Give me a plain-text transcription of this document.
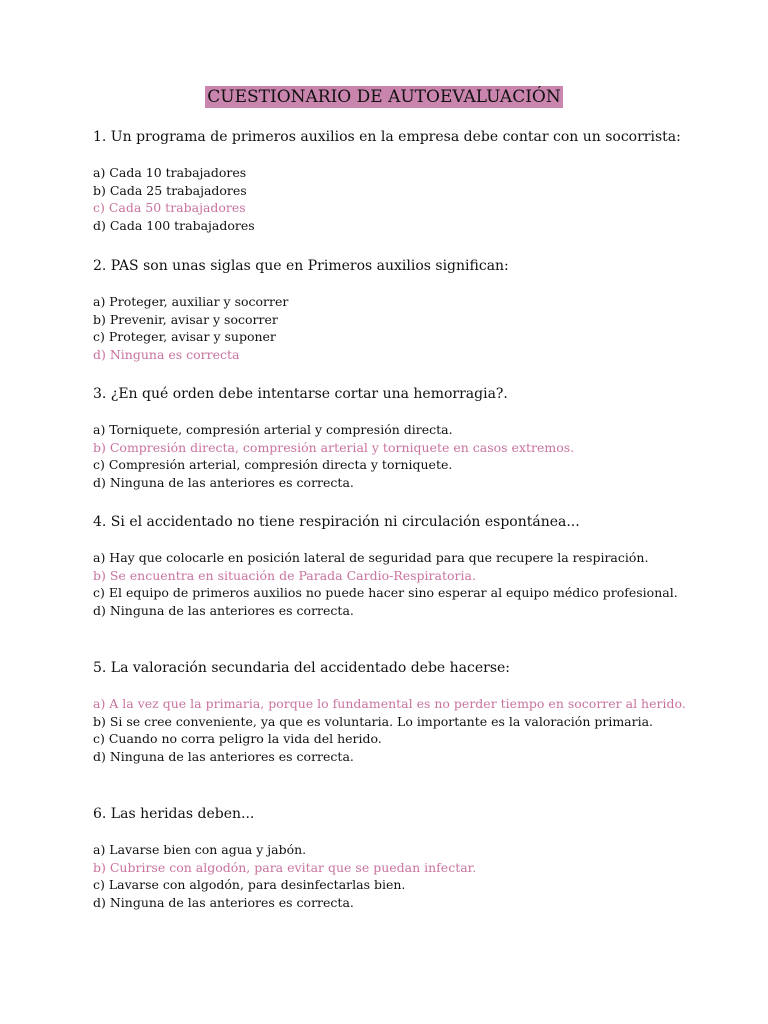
CUESTIONARIO DE AUTOEVALUACIÓN

1. Un programa de primeros auxilios en la empresa debe contar con un socorrista:

a) Cada 10 trabajadores

b) Cada 25 trabajadores

c) Cada 50 trabajadores

d) Cada 100 trabajadores

2. PAS son unas siglas que en Primeros auxilios significan:

a) Proteger, auxiliar y socorrer

b) Prevenir, avisar y socorrer

c) Proteger, avisar y suponer

d) Ninguna es correcta

3. ¿En qué orden debe intentarse cortar una hemorragia?.

a) Torniquete, compresión arterial y compresión directa.

b) Compresión directa, compresión arterial y torniquete en casos extremos.

c) Compresión arterial, compresión directa y torniquete.

d) Ninguna de las anteriores es correcta.

4. Si el accidentado no tiene respiración ni circulación espontánea...

a) Hay que colocarle en posición lateral de seguridad para que recupere la respiración.

b) Se encuentra en situación de Parada Cardio-Respiratoria.

c) El equipo de primeros auxilios no puede hacer sino esperar al equipo médico profesional.

d) Ninguna de las anteriores es correcta.

5. La valoración secundaria del accidentado debe hacerse:

a) A la vez que la primaria, porque lo fundamental es no perder tiempo en socorrer al herido.

b) Si se cree conveniente, ya que es voluntaria. Lo importante es la valoración primaria.

c) Cuando no corra peligro la vida del herido.

d) Ninguna de las anteriores es correcta.

6. Las heridas deben...

a) Lavarse bien con agua y jabón.

b) Cubrirse con algodón, para evitar que se puedan infectar.

c) Lavarse con algodón, para desinfectarlas bien.

d) Ninguna de las anteriores es correcta.
